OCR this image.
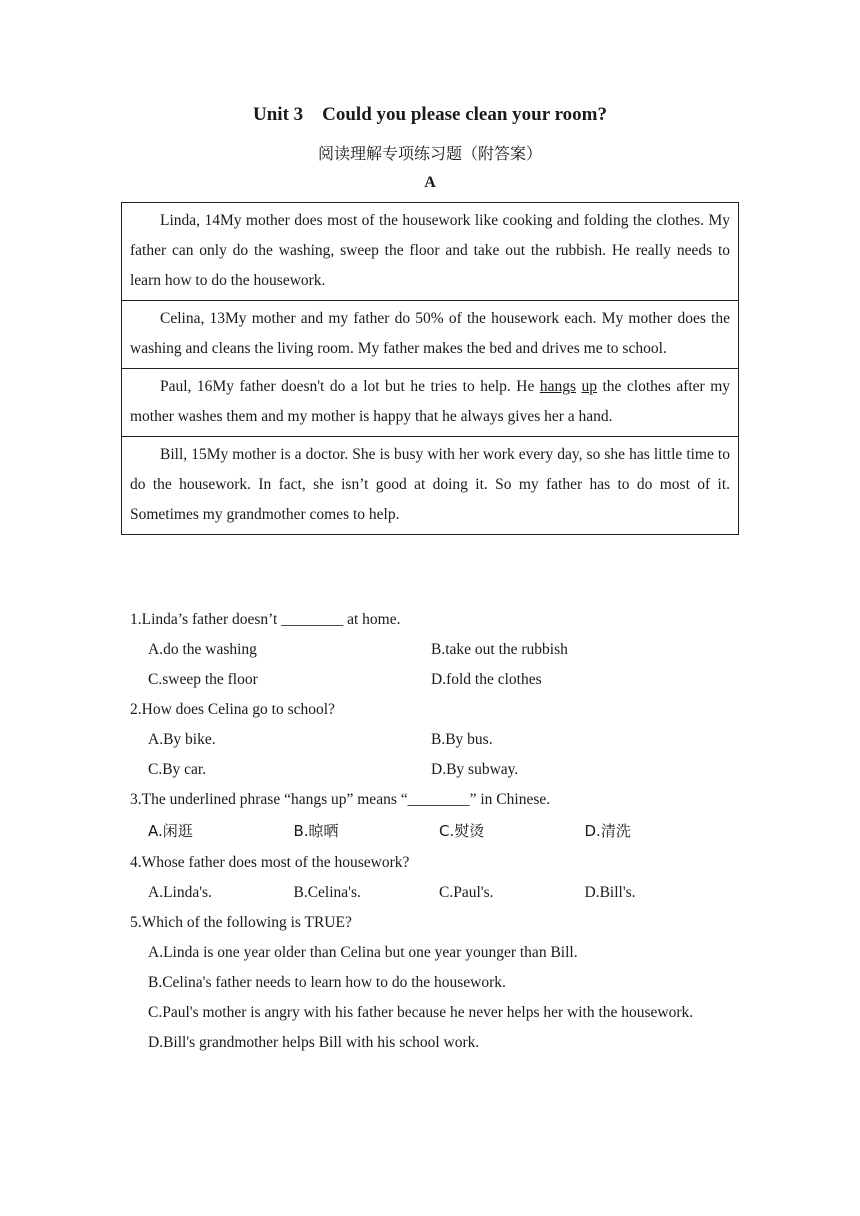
Unit 3    Could you please clean your room?
阅读理解专项练习题（附答案）
A
Linda, 14My mother does most of the housework like cooking and folding the clothes. My father can only do the washing, sweep the floor and take out the rubbish. He really needs to learn how to do the housework.
Celina, 13My mother and my father do 50% of the housework each. My mother does the washing and cleans the living room. My father makes the bed and drives me to school.
Paul, 16My father doesn't do a lot but he tries to help. He hangs up the clothes after my mother washes them and my mother is happy that he always gives her a hand.
Bill, 15My mother is a doctor. She is busy with her work every day, so she has little time to do the housework. In fact, she isn’t good at doing it. So my father has to do most of it. Sometimes my grandmother comes to help.

1.Linda’s father doesn’t ________ at home.

A.do the washing	B.take out the rubbish
C.sweep the floor	D.fold the clothes

2.How does Celina go to school?

A.By bike.	B.By bus.
C.By car.	D.By subway.

3.The underlined phrase “hangs up” means “________” in Chinese.

A.闲逛	B.晾晒	C.熨烫	D.清洗

4.Whose father does most of the housework?

A.Linda's.	B.Celina's.	C.Paul's.	D.Bill's.

5.Which of the following is TRUE?

A.Linda is one year older than Celina but one year younger than Bill.
B.Celina's father needs to learn how to do the housework.
C.Paul's mother is angry with his father because he never helps her with the housework.
D.Bill's grandmother helps Bill with his school work.
